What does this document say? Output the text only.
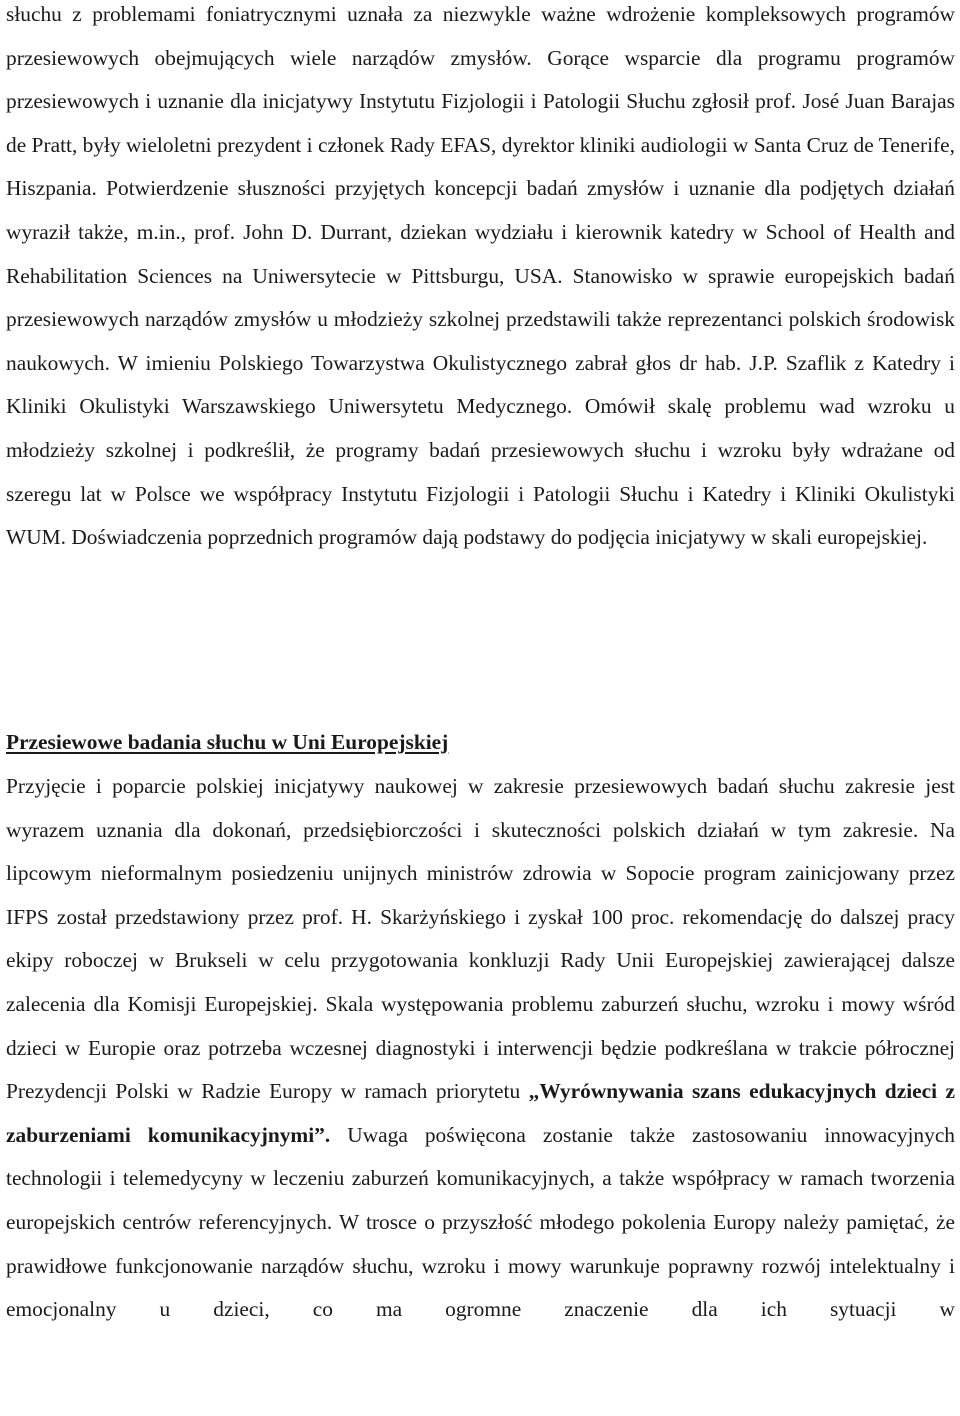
słuchu z problemami foniatrycznymi uznała za niezwykle ważne wdrożenie kompleksowych programów przesiewowych obejmujących wiele narządów zmysłów. Gorące wsparcie dla programu programów przesiewowych i uznanie dla inicjatywy Instytutu Fizjologii i Patologii Słuchu zgłosił prof. José Juan Barajas de Pratt, były wieloletni prezydent i członek Rady EFAS, dyrektor kliniki audiologii w Santa Cruz de Tenerife, Hiszpania. Potwierdzenie słuszności przyjętych koncepcji badań zmysłów i uznanie dla podjętych działań wyraził także, m.in., prof. John D. Durrant, dziekan wydziału i kierownik katedry w School of Health and Rehabilitation Sciences na Uniwersytecie w Pittsburgu, USA. Stanowisko w sprawie europejskich badań przesiewowych narządów zmysłów u młodzieży szkolnej przedstawili także reprezentanci polskich środowisk naukowych. W imieniu Polskiego Towarzystwa Okulistycznego zabrał głos dr hab. J.P. Szaflik z Katedry i Kliniki Okulistyki Warszawskiego Uniwersytetu Medycznego. Omówił skalę problemu wad wzroku u młodzieży szkolnej i podkreślił, że programy badań przesiewowych słuchu i wzroku były wdrażane od szeregu lat w Polsce we współpracy Instytutu Fizjologii i Patologii Słuchu i Katedry i Kliniki Okulistyki WUM. Doświadczenia poprzednich programów dają podstawy do podjęcia inicjatywy w skali europejskiej.

Przesiewowe badania słuchu w Uni Europejskiej

Przyjęcie i poparcie polskiej inicjatywy naukowej w zakresie przesiewowych badań słuchu zakresie jest wyrazem uznania dla dokonań, przedsiębiorczości i skuteczności polskich działań w tym zakresie. Na lipcowym nieformalnym posiedzeniu unijnych ministrów zdrowia w Sopocie program zainicjowany przez IFPS został przedstawiony przez prof. H. Skarżyńskiego i zyskał 100 proc. rekomendację do dalszej pracy ekipy roboczej w Brukseli w celu przygotowania konkluzji Rady Unii Europejskiej zawierającej dalsze zalecenia dla Komisji Europejskiej. Skala występowania problemu zaburzeń słuchu, wzroku i mowy wśród dzieci w Europie oraz potrzeba wczesnej diagnostyki i interwencji będzie podkreślana w trakcie półrocznej Prezydencji Polski w Radzie Europy w ramach priorytetu „Wyrównywania szans edukacyjnych dzieci z zaburzeniami komunikacyjnymi”. Uwaga poświęcona zostanie także zastosowaniu innowacyjnych technologii i telemedycyny w leczeniu zaburzeń komunikacyjnych, a także współpracy w ramach tworzenia europejskich centrów referencyjnych. W trosce o przyszłość młodego pokolenia Europy należy pamiętać, że prawidłowe funkcjonowanie narządów słuchu, wzroku i mowy warunkuje poprawny rozwój intelektualny i emocjonalny u dzieci, co ma ogromne znaczenie dla ich sytuacji w
